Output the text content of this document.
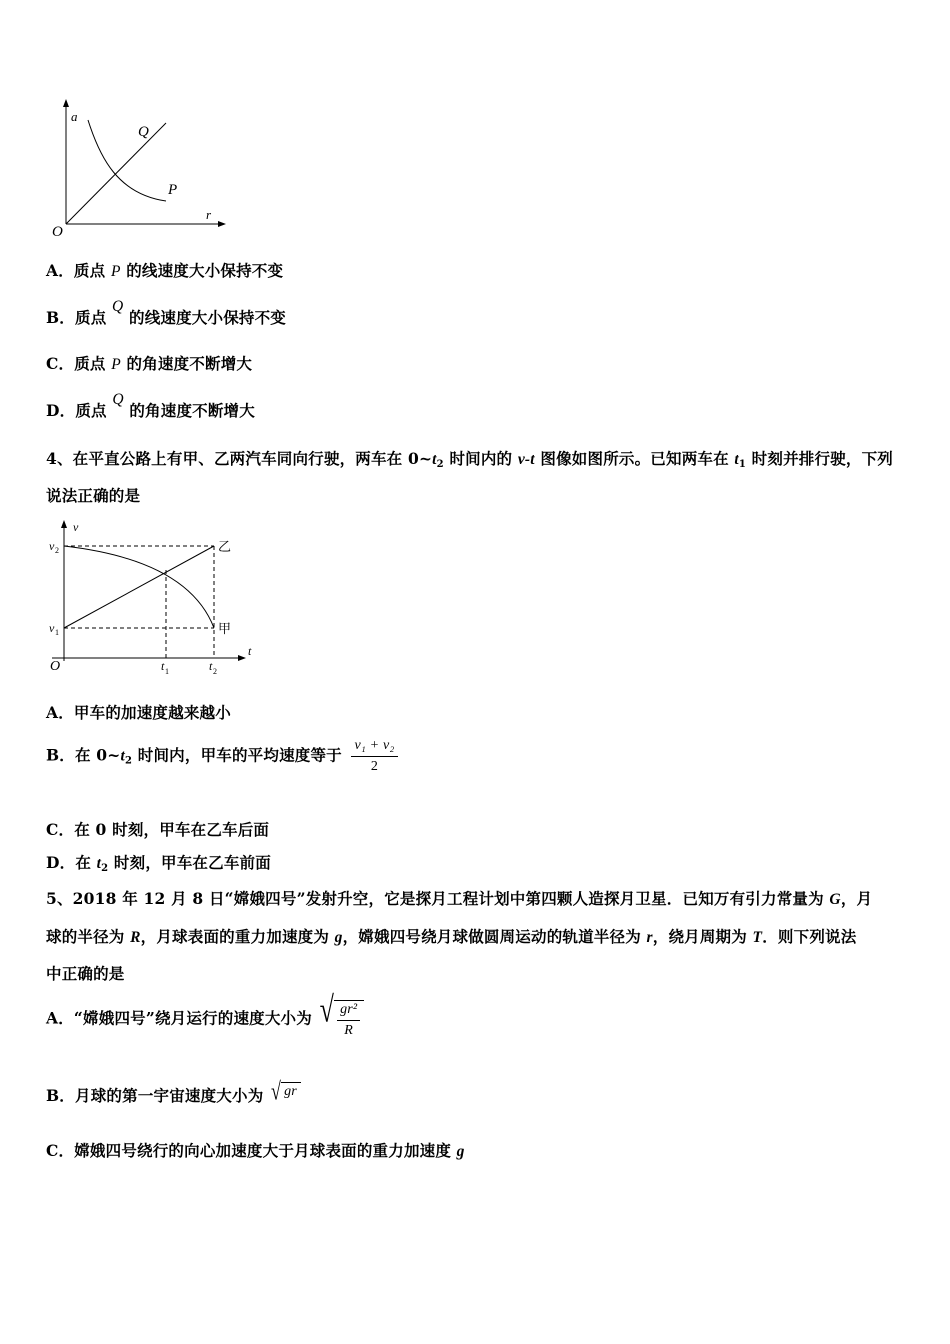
a
r
O
Q
P
A．质点 P 的线速度大小保持不变
B．质点 Q 的线速度大小保持不变
C．质点 P 的角速度不断增大
D．质点 Q 的角速度不断增大
4、在平直公路上有甲、乙两汽车同向行驶，两车在 $0\sim t_2$ 时间内的 v-t 图像如图所示。已知两车在 $t_1$ 时刻并排行驶，下列
说法正确的是
v
t
O
v 2
v 1
t 1	t 2
乙
甲
A．甲车的加速度越来越小
B．在 $0\sim t_2$ 时间内，甲车的平均速度等于 $\frac{\text{v₁ + v₂}}{2}$
C．在 0 时刻，甲车在乙车后面
D．在 $t_2$ 时刻，甲车在乙车前面
5、2018 年 12 月 8 日“嫦娥四号”发射升空，它是探月工程计划中第四颗人造探月卫星．已知万有引力常量为 G，月
球的半径为 R，月球表面的重力加速度为 g，嫦娥四号绕月球做圆周运动的轨道半径为 r，绕月周期为 T．则下列说法
中正确的是
A．“嫦娥四号”绕月运行的速度大小为 √ $\frac{\text{gr²}}{R}$
B．月球的第一宇宙速度大小为 √ gr
C．嫦娥四号绕行的向心加速度大于月球表面的重力加速度 g
